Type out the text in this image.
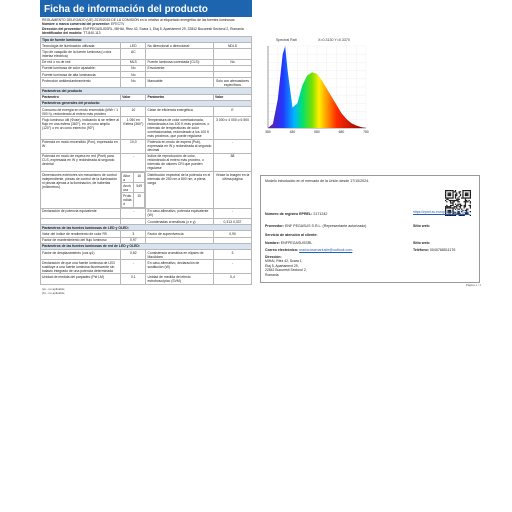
Ficha de información del producto
REGLAMENTO DELEGADO (UE) 2019/2015 DE LA COMISIÓN en lo relativo al etiquetado energético de las fuentes luminosas
Nombre o marca comercial del proveedor: EFECTV
Dirección del proveedor: ENFPEGASUSSRL, MIHAI, Rtez 42, Scara 1, Etaj 5, Apartament 29, 22842 Bucuresti Sectorul 2, Romania
Identificador del modelo: TT-840-113
Tipo de fuente luminosa:
Tecnología de iluminación utilizada	LED	No direccional o direccional:	NDLS
Tipo de casquillo de la fuente luminosa (u otra interfaz eléctrica)	AC		
De red o no de red:	MLS	Fuente luminosa conectada (CLS):	No
Fuente luminosa de color ajustable:	No	Envolvente:	
Fuente luminosa de alta luminancia:	No		
Protección antideslumbramiento:	No	Manuable:	Solo con atenuadores específicos
Parámetros del producto
Parámetro	Valor	Parámetro	Valor
Parámetros generales del producto:
Consumo de energía en modo encendido (kWh / 1 000 h), redondeado al entero más próximo	10	Clase de eficiencia energética	E
Flujo luminoso útil (Φuse), indicando si se refiere al flujo en una esfera (360°), en un cono amplio (120°) o en un cono estrecho (90°)	1 050 en Esfera (360°)	Temperatura de color correlacionada, redondeada a los 100 K más próximos, o intervalo de temperaturas de color correlacionadas, redondeado a los 100 K más próximos, que puede regularse	3 000 o 4 000 o 6 500
Potencia en modo encendido (Pon), expresada en W	10,0	Potencia en modo de espera (Psb), expresada en W y redondeada al segundo decimal	-
Potencia en modo de espera en red (Pnet) para CLS, expresada en W y redondeada al segundo decimal	-	Índice de reproducción de color, redondeado al entero más próximo, o intervalo de valores CRI que pueden regularse	88
Dimensiones exteriores sin mecanismo de control independiente, piezas de control de la iluminación ni piezas ajenas a la iluminación, de haberlas (milímetros)	
Altura	16
Anchura	549
Profundidad	10
	Distribución espectral de la potencia en el intervalo de 250 nm a 800 nm, a plena carga	Véase la imagen en la última página
Declaración de potencia equivalente	-	En caso afirmativo, potencia equivalente (W)	-
		Coordenadas cromáticas (x e y)	0,313 0,337
Parámetros de las fuentes luminosas de LED y OLED:
Valor del índice de rendimiento de color R9	3	Factor de supervivencia	0,90
Factor de mantenimiento del flujo luminoso	0,97		
Parámetros de las fuentes luminosas de red de LED y OLED:
Factor de desplazamiento (cos φ1)	0,82	Consistencia cromática en elipses de MacAdam	3
Declaración de que una fuente luminosa de LED sustituye a una fuente luminosa fluorescente sin balasto integrado de una potencia determinada	-	En caso afirmativo, declaración de sustitución (W)	-
Unidad de medida del parpadeo (Pst LM)	0,1	Unidad de medida del efecto estroboscópico (SVM)	0,4
(a) - no aplicable;
(b) - no aplicable;
Spectral Rati	X=0.3130 Y=0.3370
380	480	580	680	780
Modelo introducido en el mercado de la Unión desde 17/10/2024.
Número de registro EPREL: 2171242	https://eprel.ec.europa.eu/qr/2171242
Proveedor: ENF PEGASUS S.R.L. (Representante autorizado)	Sitio web:
Servicio de atención al cliente:
Nombre: ENFPEGASUSSRL	Sitio web:
Correo electrónico: mariocoscmariusfe@outlook.com	Teléfono: 0040788511176
Dirección:
MIHAI, Rtez 42, Scara 1,
Etaj 5, Apartament 29,
22842 Bucuresti Sectorul 2,
Romania
Página 1 / 1
